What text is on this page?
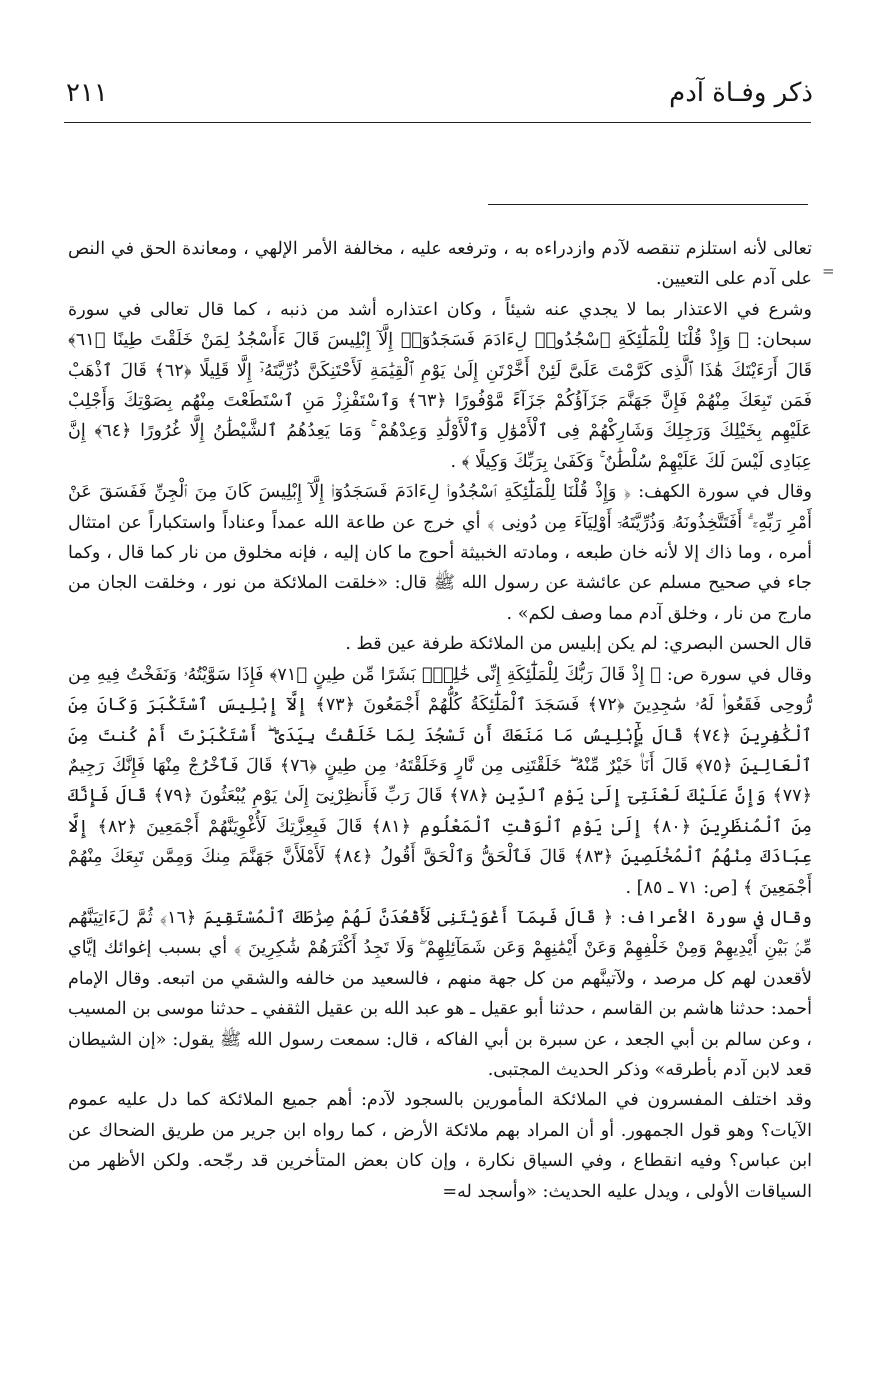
ذكر وفـاة آدم
٢١١
=

تعالى لأنه استلزم تنقصه لآدم وازدراءه به ، وترفعه عليه ، مخالفة الأمر الإلهي ، ومعاندة الحق في النص على آدم على التعيين.

وشرع في الاعتذار بما لا يجدي عنه شيئاً ، وكان اعتذاره أشد من ذنبه ، كما قال تعالى في سورة سبحان: ﴿ وَإِذْ قُلْنَا لِلْمَلَٰٓئِكَةِ ٱسْجُدُوا۟ لِءَادَمَ فَسَجَدُوٓا۟ إِلَّآ إِبْلِيسَ قَالَ ءَأَسْجُدُ لِمَنْ خَلَقْتَ طِينًا ﴿٦١﴾ قَالَ أَرَءَيْتَكَ هَٰذَا ٱلَّذِى كَرَّمْتَ عَلَىَّ لَئِنْ أَخَّرْتَنِ إِلَىٰ يَوْمِ ٱلْقِيَٰمَةِ لَأَحْتَنِكَنَّ ذُرِّيَّتَهُۥٓ إِلَّا قَلِيلًا ﴿٦٢﴾ قَالَ ٱذْهَبْ فَمَن تَبِعَكَ مِنْهُمْ فَإِنَّ جَهَنَّمَ جَزَآؤُكُمْ جَزَآءً مَّوْفُورًا ﴿٦٣﴾ وَٱسْتَفْزِزْ مَنِ ٱسْتَطَعْتَ مِنْهُم بِصَوْتِكَ وَأَجْلِبْ عَلَيْهِم بِخَيْلِكَ وَرَجِلِكَ وَشَارِكْهُمْ فِى ٱلْأَمْوَٰلِ وَٱلْأَوْلَٰدِ وَعِدْهُمْ ۚ وَمَا يَعِدُهُمُ ٱلشَّيْطَٰنُ إِلَّا غُرُورًا ﴿٦٤﴾ إِنَّ عِبَادِى لَيْسَ لَكَ عَلَيْهِمْ سُلْطَٰنٌ ۚ وَكَفَىٰ بِرَبِّكَ وَكِيلًا ﴾ .

وقال في سورة الكهف: ﴿ وَإِذْ قُلْنَا لِلْمَلَٰٓئِكَةِ ٱسْجُدُوا۟ لِءَادَمَ فَسَجَدُوٓا۟ إِلَّآ إِبْلِيسَ كَانَ مِنَ ٱلْجِنِّ فَفَسَقَ عَنْ أَمْرِ رَبِّهِۦٓ ۗ أَفَتَتَّخِذُونَهُۥ وَذُرِّيَّتَهُۥٓ أَوْلِيَآءَ مِن دُونِى ﴾ أي خرج عن طاعة الله عمداً وعناداً واستكباراً عن امتثال أمره ، وما ذاك إلا لأنه خان طبعه ، ومادته الخبيثة أحوج ما كان إليه ، فإنه مخلوق من نار كما قال ، وكما جاء في صحيح مسلم عن عائشة عن رسول الله ﷺ قال: «خلقت الملائكة من نور ، وخلقت الجان من مارج من نار ، وخلق آدم مما وصف لكم» .

قال الحسن البصري: لم يكن إبليس من الملائكة طرفة عين قط .

وقال في سورة ص: ﴿ إِذْ قَالَ رَبُّكَ لِلْمَلَٰٓئِكَةِ إِنِّى خَٰلِقٌۢ بَشَرًا مِّن طِينٍ ﴿٧١﴾ فَإِذَا سَوَّيْتُهُۥ وَنَفَخْتُ فِيهِ مِن رُّوحِى فَقَعُوا۟ لَهُۥ سَٰجِدِينَ ﴿٧٢﴾ فَسَجَدَ ٱلْمَلَٰٓئِكَةُ كُلُّهُمْ أَجْمَعُونَ ﴿٧٣﴾ إِلَّآ إِبْلِيسَ ٱسْتَكْبَرَ وَكَانَ مِنَ ٱلْكَٰفِرِينَ ﴿٧٤﴾ قَالَ يَٰٓإِبْلِيسُ مَا مَنَعَكَ أَن تَسْجُدَ لِمَا خَلَقْتُ بِيَدَىَّ ۖ أَسْتَكْبَرْتَ أَمْ كُنتَ مِنَ ٱلْعَالِينَ ﴿٧٥﴾ قَالَ أَنَا۠ خَيْرٌ مِّنْهُ ۖ خَلَقْتَنِى مِن نَّارٍ وَخَلَقْتَهُۥ مِن طِينٍ ﴿٧٦﴾ قَالَ فَٱخْرُجْ مِنْهَا فَإِنَّكَ رَجِيمٌ ﴿٧٧﴾ وَإِنَّ عَلَيْكَ لَعْنَتِىٓ إِلَىٰ يَوْمِ ٱلدِّينِ ﴿٧٨﴾ قَالَ رَبِّ فَأَنظِرْنِىٓ إِلَىٰ يَوْمِ يُبْعَثُونَ ﴿٧٩﴾ قَالَ فَإِنَّكَ مِنَ ٱلْمُنظَرِينَ ﴿٨٠﴾ إِلَىٰ يَوْمِ ٱلْوَقْتِ ٱلْمَعْلُومِ ﴿٨١﴾ قَالَ فَبِعِزَّتِكَ لَأُغْوِيَنَّهُمْ أَجْمَعِينَ ﴿٨٢﴾ إِلَّا عِبَادَكَ مِنْهُمُ ٱلْمُخْلَصِينَ ﴿٨٣﴾ قَالَ فَٱلْحَقُّ وَٱلْحَقَّ أَقُولُ ﴿٨٤﴾ لَأَمْلَأَنَّ جَهَنَّمَ مِنكَ وَمِمَّن تَبِعَكَ مِنْهُمْ أَجْمَعِينَ ﴾ [ص: ٧١ ـ ٨٥] .

وقال في سورة الأعراف: ﴿ قَالَ فَبِمَآ أَغْوَيْتَنِى لَأَقْعُدَنَّ لَهُمْ صِرَٰطَكَ ٱلْمُسْتَقِيمَ ﴿١٦﴾ ثُمَّ لَءَاتِيَنَّهُم مِّنۢ بَيْنِ أَيْدِيهِمْ وَمِنْ خَلْفِهِمْ وَعَنْ أَيْمَٰنِهِمْ وَعَن شَمَآئِلِهِمْ ۖ وَلَا تَجِدُ أَكْثَرَهُمْ شَٰكِرِينَ ﴾ أي بسبب إغوائك إيَّاي لأقعدن لهم كل مرصد ، ولآتينَّهم من كل جهة منهم ، فالسعيد من خالفه والشقي من اتبعه. وقال الإمام أحمد: حدثنا هاشم بن القاسم ، حدثنا أبو عقيل ـ هو عبد الله بن عقيل الثقفي ـ حدثنا موسى بن المسيب ، وعن سالم بن أبي الجعد ، عن سبرة بن أبي الفاكه ، قال: سمعت رسول الله ﷺ يقول: «إن الشيطان قعد لابن آدم بأطرقه» وذكر الحديث المجتبى.

وقد اختلف المفسرون في الملائكة المأمورين بالسجود لآدم: أهم جميع الملائكة كما دل عليه عموم الآيات؟ وهو قول الجمهور. أو أن المراد بهم ملائكة الأرض ، كما رواه ابن جرير من طريق الضحاك عن ابن عباس؟ وفيه انقطاع ، وفي السياق نكارة ، وإن كان بعض المتأخرين قد رجّحه. ولكن الأظهر من السياقات الأولى ، ويدل عليه الحديث: «وأسجد له=
